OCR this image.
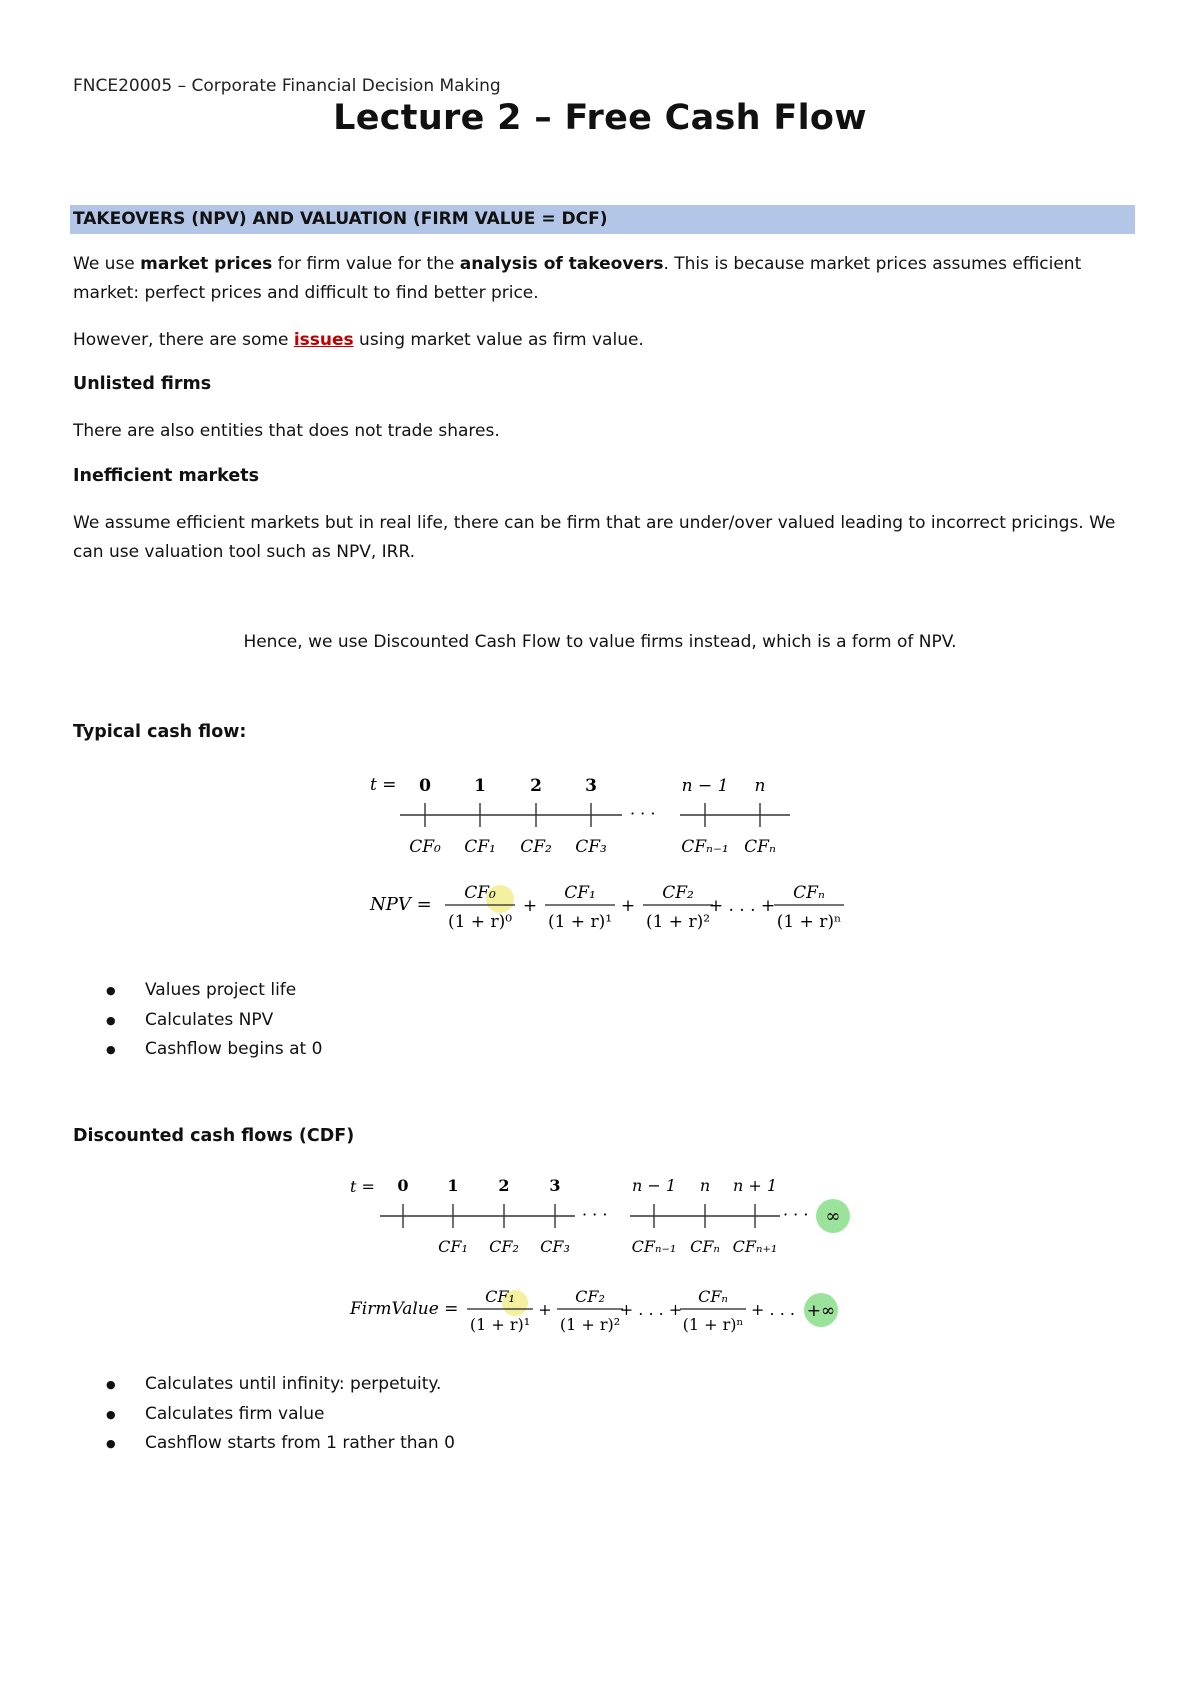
FNCE20005 – Corporate Financial Decision Making
Lecture 2 – Free Cash Flow
TAKEOVERS (NPV) AND VALUATION (FIRM VALUE = DCF)
We use market prices for firm value for the analysis of takeovers. This is because market prices assumes efficient market: perfect prices and difficult to find better price.
However, there are some issues using market value as firm value.
Unlisted firms
There are also entities that does not trade shares.
Inefficient markets
We assume efficient markets but in real life, there can be firm that are under/over valued leading to incorrect pricings. We can use valuation tool such as NPV, IRR.
Hence, we use Discounted Cash Flow to value firms instead, which is a form of NPV.
Typical cash flow:
t =
· · ·
0	1	2	3	n − 1 n
CF₀ CF₁ CF₂ CF₃	CFₙ₋₁ CFₙ
NPV =
CF₀
(1 + r)⁰
+
CF₁
(1 + r)¹
+
CF₂
(1 + r)²
+ . . . +
CFₙ
(1 + r)ⁿ
● Values project life
● Calculates NPV
● Cashflow begins at 0
Discounted cash flows (CDF)
t =
· · ·	· · · ∞
0 1 2 3	n − 1 n n + 1
CF₁ CF₂ CF₃	CFₙ₋₁ CFₙ CFₙ₊₁
FirmValue =
CF₁
(1 + r)¹
+
CF₂
(1 + r)²
+ . . . +
CFₙ
(1 + r)ⁿ
+ . . . +∞
● Calculates until infinity: perpetuity.
● Calculates firm value
● Cashflow starts from 1 rather than 0
